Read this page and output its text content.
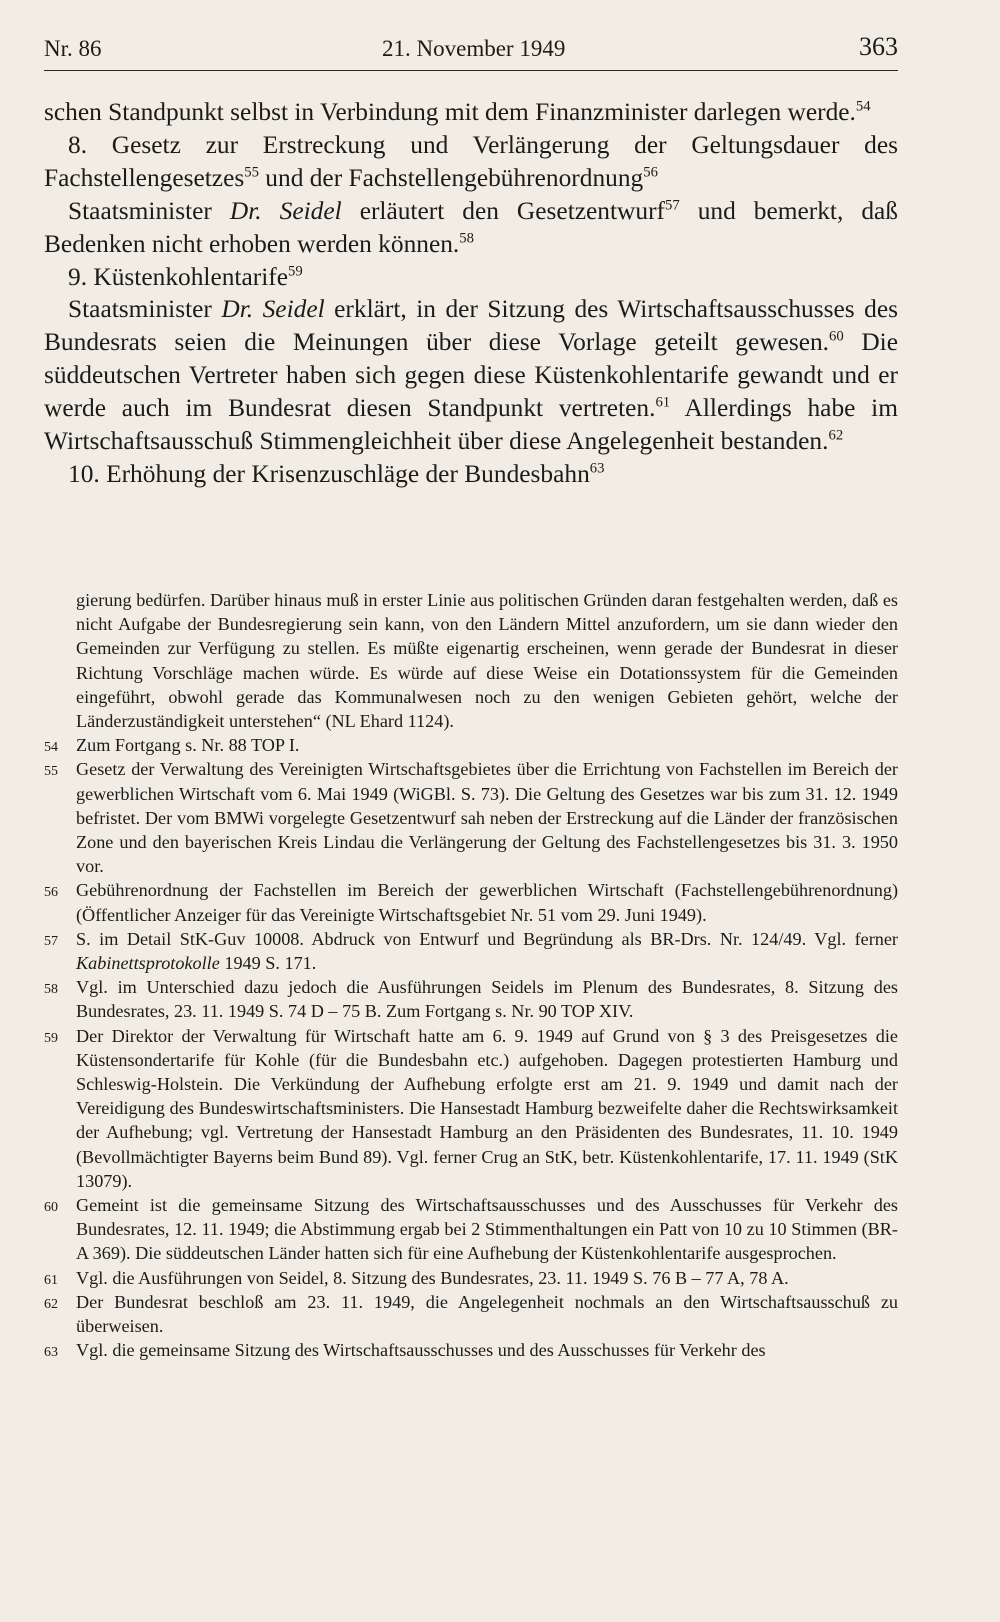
Nr. 86	21. November 1949	363

schen Standpunkt selbst in Verbindung mit dem Finanzminister darlegen werde.$^{54}$

8. Gesetz zur Erstreckung und Verlängerung der Geltungsdauer des Fachstellengesetzes$^{55}$ und der Fachstellengebührenordnung$^{56}$

Staatsminister Dr. Seidel erläutert den Gesetzentwurf$^{57}$ und bemerkt, daß Bedenken nicht erhoben werden können.$^{58}$

9. Küstenkohlentarife$^{59}$

Staatsminister Dr. Seidel erklärt, in der Sitzung des Wirtschaftsausschusses des Bundesrats seien die Meinungen über diese Vorlage geteilt gewesen.$^{60}$ Die süddeutschen Vertreter haben sich gegen diese Küstenkohlentarife gewandt und er werde auch im Bundesrat diesen Standpunkt vertreten.$^{61}$ Allerdings habe im Wirtschaftsausschuß Stimmengleichheit über diese Angelegenheit bestanden.$^{62}$

10. Erhöhung der Krisenzuschläge der Bundesbahn$^{63}$

gierung bedürfen. Darüber hinaus muß in erster Linie aus politischen Gründen daran festgehalten werden, daß es nicht Aufgabe der Bundesregierung sein kann, von den Ländern Mittel anzufordern, um sie dann wieder den Gemeinden zur Verfügung zu stellen. Es müßte eigenartig erscheinen, wenn gerade der Bundesrat in dieser Richtung Vorschläge machen würde. Es würde auf diese Weise ein Dotationssystem für die Gemeinden eingeführt, obwohl gerade das Kommunalwesen noch zu den wenigen Gebieten gehört, welche der Länderzuständigkeit unterstehen“ (NL Ehard 1124).

54 Zum Fortgang s. Nr. 88 TOP I.
55 Gesetz der Verwaltung des Vereinigten Wirtschaftsgebietes über die Errichtung von Fachstellen im Bereich der gewerblichen Wirtschaft vom 6. Mai 1949 (WiGBl. S. 73). Die Geltung des Gesetzes war bis zum 31. 12. 1949 befristet. Der vom BMWi vorgelegte Gesetzentwurf sah neben der Erstreckung auf die Länder der französischen Zone und den bayerischen Kreis Lindau die Verlängerung der Geltung des Fachstellengesetzes bis 31. 3. 1950 vor.
56 Gebührenordnung der Fachstellen im Bereich der gewerblichen Wirtschaft (Fachstellengebührenordnung) (Öffentlicher Anzeiger für das Vereinigte Wirtschaftsgebiet Nr. 51 vom 29. Juni 1949).
57 S. im Detail StK-Guv 10008. Abdruck von Entwurf und Begründung als BR-Drs. Nr. 124/49. Vgl. ferner Kabinettsprotokolle 1949 S. 171.
58 Vgl. im Unterschied dazu jedoch die Ausführungen Seidels im Plenum des Bundesrates, 8. Sitzung des Bundesrates, 23. 11. 1949 S. 74 D – 75 B. Zum Fortgang s. Nr. 90 TOP XIV.
59 Der Direktor der Verwaltung für Wirtschaft hatte am 6. 9. 1949 auf Grund von § 3 des Preisgesetzes die Küstensondertarife für Kohle (für die Bundesbahn etc.) aufgehoben. Dagegen protestierten Hamburg und Schleswig-Holstein. Die Verkündung der Aufhebung erfolgte erst am 21. 9. 1949 und damit nach der Vereidigung des Bundeswirtschaftsministers. Die Hansestadt Hamburg bezweifelte daher die Rechtswirksamkeit der Aufhebung; vgl. Vertretung der Hansestadt Hamburg an den Präsidenten des Bundesrates, 11. 10. 1949 (Bevollmächtigter Bayerns beim Bund 89). Vgl. ferner Crug an StK, betr. Küstenkohlentarife, 17. 11. 1949 (StK 13079).
60 Gemeint ist die gemeinsame Sitzung des Wirtschaftsausschusses und des Ausschusses für Verkehr des Bundesrates, 12. 11. 1949; die Abstimmung ergab bei 2 Stimmenthaltungen ein Patt von 10 zu 10 Stimmen (BR-A 369). Die süddeutschen Länder hatten sich für eine Aufhebung der Küstenkohlentarife ausgesprochen.
61 Vgl. die Ausführungen von Seidel, 8. Sitzung des Bundesrates, 23. 11. 1949 S. 76 B – 77 A, 78 A.
62 Der Bundesrat beschloß am 23. 11. 1949, die Angelegenheit nochmals an den Wirtschaftsausschuß zu überweisen.
63 Vgl. die gemeinsame Sitzung des Wirtschaftsausschusses und des Ausschusses für Verkehr des
